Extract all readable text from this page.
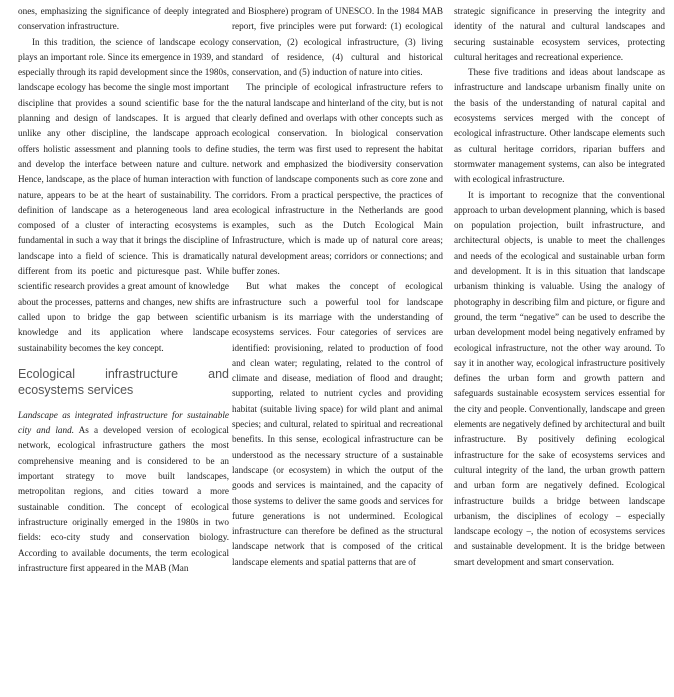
ones, emphasizing the significance of deeply integrated conservation infrastructure.

In this tradition, the science of landscape ecology plays an important role. Since its emergence in 1939, and especially through its rapid development since the 1980s, landscape ecology has become the single most important discipline that provides a sound scientific base for the planning and design of landscapes. It is argued that unlike any other discipline, the landscape approach offers holistic assessment and planning tools to define and develop the interface between nature and culture. Hence, landscape, as the place of human interaction with nature, appears to be at the heart of sustainability. The definition of landscape as a heterogeneous land area composed of a cluster of interacting ecosystems is fundamental in such a way that it brings the discipline of landscape into a field of science. This is dramatically different from its poetic and picturesque past. While scientific research provides a great amount of knowledge about the processes, patterns and changes, new shifts are called upon to bridge the gap between scientific knowledge and its application where landscape sustainability becomes the key concept.

Ecological infrastructure and ecosystems services

Landscape as integrated infrastructure for sustainable city and land. As a developed version of ecological network, ecological infrastructure gathers the most comprehensive meaning and is considered to be an important strategy to move built landscapes, metropolitan regions, and cities toward a more sustainable condition. The concept of ecological infrastructure originally emerged in the 1980s in two fields: eco-city study and conservation biology. According to available documents, the term ecological infrastructure first appeared in the MAB (Man

and Biosphere) program of UNESCO. In the 1984 MAB report, five principles were put forward: (1) ecological conservation, (2) ecological infrastructure, (3) living standard of residence, (4) cultural and historical conservation, and (5) induction of nature into cities.

The principle of ecological infrastructure refers to the natural landscape and hinterland of the city, but is not clearly defined and overlaps with other concepts such as ecological conservation. In biological conservation studies, the term was first used to represent the habitat network and emphasized the biodiversity conservation function of landscape components such as core zone and corridors. From a practical perspective, the practices of ecological infrastructure in the Netherlands are good examples, such as the Dutch Ecological Main Infrastructure, which is made up of natural core areas; natural development areas; corridors or connections; and buffer zones.

But what makes the concept of ecological infrastructure such a powerful tool for landscape urbanism is its marriage with the understanding of ecosystems services. Four categories of services are identified: provisioning, related to production of food and clean water; regulating, related to the control of climate and disease, mediation of flood and draught; supporting, related to nutrient cycles and providing habitat (suitable living space) for wild plant and animal species; and cultural, related to spiritual and recreational benefits. In this sense, ecological infrastructure can be understood as the necessary structure of a sustainable landscape (or ecosystem) in which the output of the goods and services is maintained, and the capacity of those systems to deliver the same goods and services for future generations is not undermined. Ecological infrastructure can therefore be defined as the structural landscape network that is composed of the critical landscape elements and spatial patterns that are of

strategic significance in preserving the integrity and identity of the natural and cultural landscapes and securing sustainable ecosystem services, protecting cultural heritages and recreational experience.

These five traditions and ideas about landscape as infrastructure and landscape urbanism finally unite on the basis of the understanding of natural capital and ecosystems services merged with the concept of ecological infrastructure. Other landscape elements such as cultural heritage corridors, riparian buffers and stormwater management systems, can also be integrated with ecological infrastructure.

It is important to recognize that the conventional approach to urban development planning, which is based on population projection, built infrastructure, and architectural objects, is unable to meet the challenges and needs of the ecological and sustainable urban form and development. It is in this situation that landscape urbanism thinking is valuable. Using the analogy of photography in describing film and picture, or figure and ground, the term “negative” can be used to describe the urban development model being negatively enframed by ecological infrastructure, not the other way around. To say it in another way, ecological infrastructure positively defines the urban form and growth pattern and safeguards sustainable ecosystem services essential for the city and people. Conventionally, landscape and green elements are negatively defined by architectural and built infrastructure. By positively defining ecological infrastructure for the sake of ecosystems services and cultural integrity of the land, the urban growth pattern and urban form are negatively defined. Ecological infrastructure builds a bridge between landscape urbanism, the disciplines of ecology – especially landscape ecology –, the notion of ecosystems services and sustainable development. It is the bridge between smart development and smart conservation.
